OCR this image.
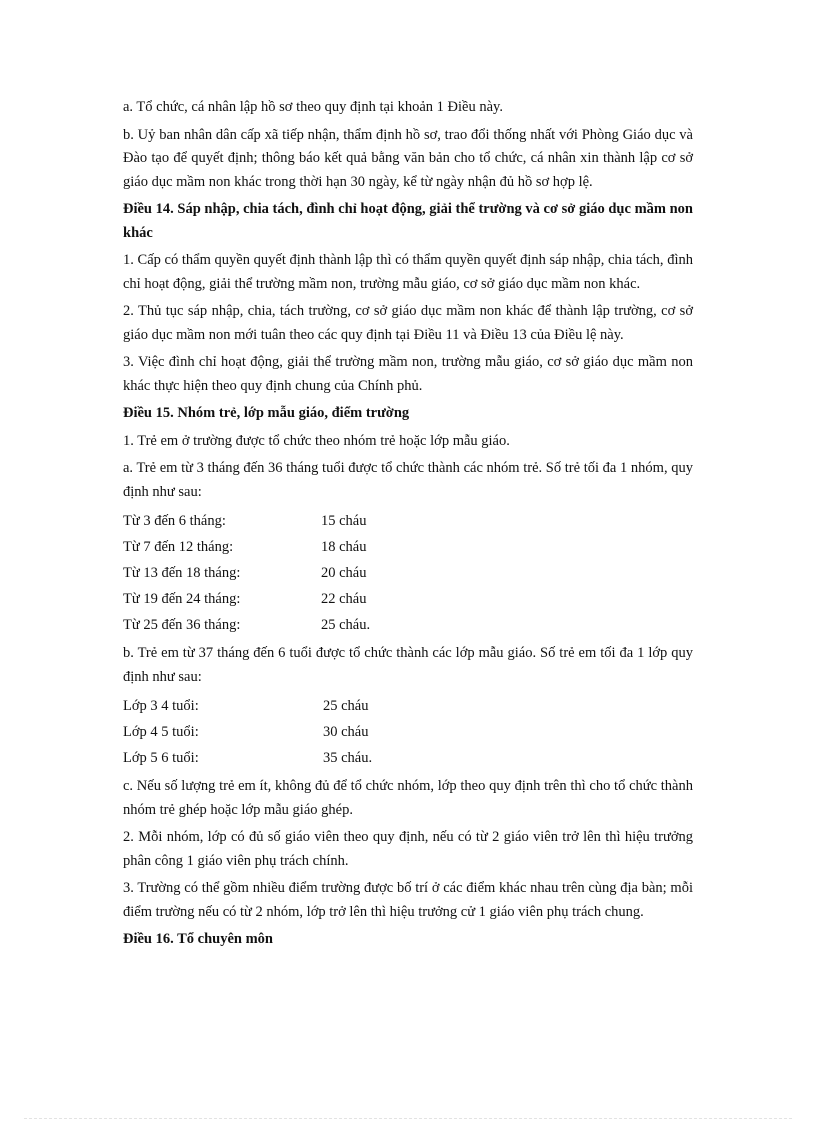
a. Tổ chức, cá nhân lập hồ sơ theo quy định tại khoản 1 Điều này.

b. Uỷ ban nhân dân cấp xã tiếp nhận, thẩm định hồ sơ, trao đổi thống nhất với Phòng Giáo dục và Đào tạo để quyết định; thông báo kết quả bằng văn bản cho tổ chức, cá nhân xin thành lập cơ sở giáo dục mầm non khác trong thời hạn 30 ngày, kể từ ngày nhận đủ hồ sơ hợp lệ.

Điều 14. Sáp nhập, chia tách, đình chỉ hoạt động, giải thể trường và cơ sở giáo dục mầm non khác

1. Cấp có thẩm quyền quyết định thành lập thì có thẩm quyền quyết định sáp nhập, chia tách, đình chỉ hoạt động, giải thể trường mầm non, trường mẫu giáo, cơ sở giáo dục mầm non khác.

2. Thủ tục sáp nhập, chia, tách trường, cơ sở giáo dục mầm non khác để thành lập trường, cơ sở giáo dục mầm non mới tuân theo các quy định tại Điều 11 và Điều 13 của Điều lệ này.

3. Việc đình chỉ hoạt động, giải thể trường mầm non, trường mẫu giáo, cơ sở giáo dục mầm non khác thực hiện theo quy định chung của Chính phủ.

Điều 15. Nhóm trẻ, lớp mẫu giáo, điểm trường

1. Trẻ em ở trường được tổ chức theo nhóm trẻ hoặc lớp mẫu giáo.

a. Trẻ em từ 3 tháng đến 36 tháng tuổi được tổ chức thành các nhóm trẻ. Số trẻ tối đa 1 nhóm, quy định như sau:

Từ 3 đến 6 tháng:	15 cháu
Từ 7 đến 12 tháng:	18 cháu
Từ 13 đến 18 tháng:	20 cháu
Từ 19 đến 24 tháng:	22 cháu
Từ 25 đến 36 tháng:	25 cháu.

b. Trẻ em từ 37 tháng đến 6 tuổi được tổ chức thành các lớp mẫu giáo. Số trẻ em tối đa 1 lớp quy định như sau:

Lớp 3 4 tuổi:	25 cháu
Lớp 4 5 tuổi:	30 cháu
Lớp 5 6 tuổi:	35 cháu.

c. Nếu số lượng trẻ em ít, không đủ để tổ chức nhóm, lớp theo quy định trên thì cho tổ chức thành nhóm trẻ ghép hoặc lớp mẫu giáo ghép.

2. Mỗi nhóm, lớp có đủ số giáo viên theo quy định, nếu có từ 2 giáo viên trở lên thì hiệu trưởng phân công 1 giáo viên phụ trách chính.

3. Trường có thể gồm nhiều điểm trường được bố trí ở các điểm khác nhau trên cùng địa bàn; mỗi điểm trường nếu có từ 2 nhóm, lớp trở lên thì hiệu trưởng cử 1 giáo viên phụ trách chung.

Điều 16. Tổ chuyên môn
